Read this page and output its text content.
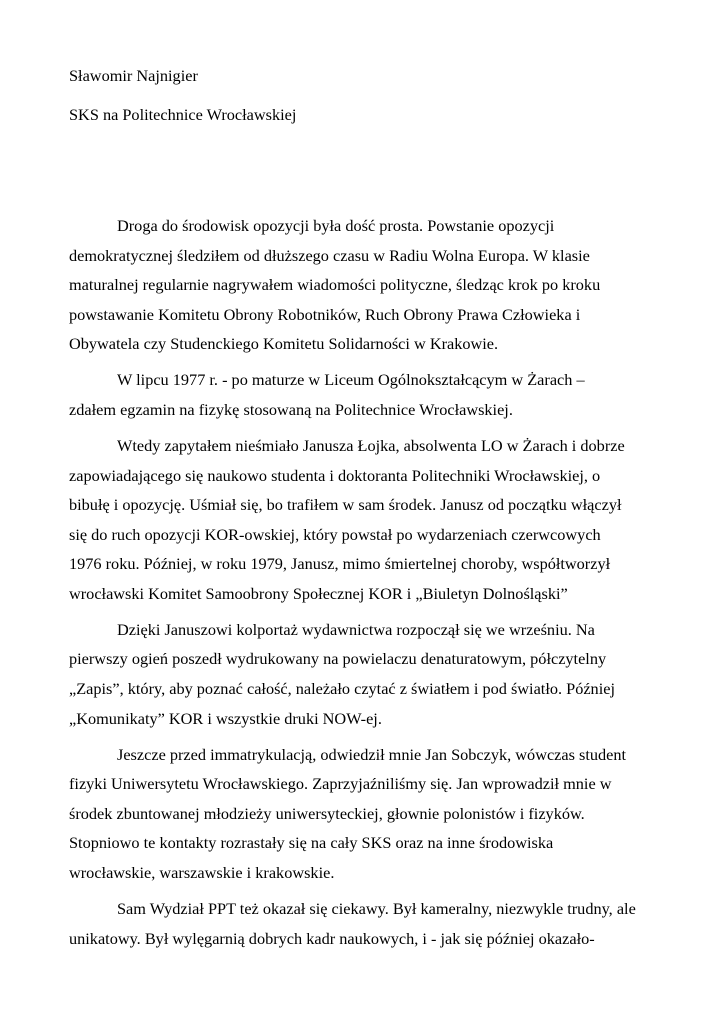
Sławomir Najnigier
SKS na Politechnice Wrocławskiej

Droga do środowisk opozycji była dość prosta. Powstanie opozycji
demokratycznej śledziłem od dłuższego czasu w Radiu Wolna Europa. W klasie
maturalnej regularnie nagrywałem wiadomości polityczne, śledząc krok po kroku
powstawanie Komitetu Obrony Robotników, Ruch Obrony Prawa Człowieka i
Obywatela czy Studenckiego Komitetu Solidarności w Krakowie.

W lipcu 1977 r. - po maturze w Liceum Ogólnokształcącym w Żarach –
zdałem egzamin na fizykę stosowaną na Politechnice Wrocławskiej.

Wtedy zapytałem nieśmiało Janusza Łojka, absolwenta LO w Żarach i dobrze
zapowiadającego się naukowo studenta i doktoranta Politechniki Wrocławskiej, o
bibułę i opozycję. Uśmiał się, bo trafiłem w sam środek. Janusz od początku włączył
się do ruch opozycji KOR-owskiej, który powstał po wydarzeniach czerwcowych
1976 roku. Później, w roku 1979, Janusz, mimo śmiertelnej choroby, współtworzył
wrocławski Komitet Samoobrony Społecznej KOR i „Biuletyn Dolnośląski”

Dzięki Januszowi kolportaż wydawnictwa rozpoczął się we wrześniu. Na
pierwszy ogień poszedł wydrukowany na powielaczu denaturatowym, półczytelny
„Zapis”, który, aby poznać całość, należało czytać z światłem i pod światło. Później
„Komunikaty” KOR i wszystkie druki NOW-ej.

Jeszcze przed immatrykulacją, odwiedził mnie Jan Sobczyk, wówczas student
fizyki Uniwersytetu Wrocławskiego. Zaprzyjaźniliśmy się. Jan wprowadził mnie w
środek zbuntowanej młodzieży uniwersyteckiej, głownie polonistów i fizyków.
Stopniowo te kontakty rozrastały się na cały SKS oraz na inne środowiska
wrocławskie, warszawskie i krakowskie.

Sam Wydział PPT też okazał się ciekawy. Był kameralny, niezwykle trudny, ale
unikatowy. Był wylęgarnią dobrych kadr naukowych, i - jak się później okazało-
